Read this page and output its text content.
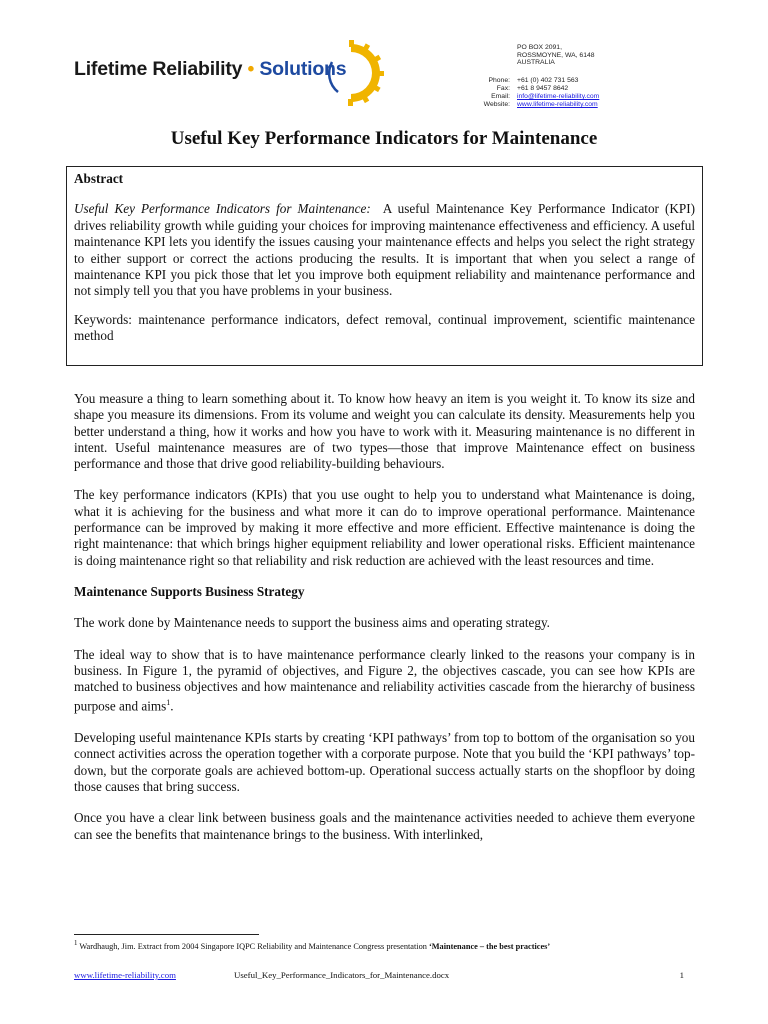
Lifetime Reliability • Solutions
PO BOX 2091,
ROSSMOYNE, WA, 6148
AUSTRALIA
Phone: +61 (0) 402 731 563
Fax: +61 8 9457 8642
Email: info@lifetime-reliability.com
Website: www.lifetime-reliability.com
Useful Key Performance Indicators for Maintenance
Abstract

Useful Key Performance Indicators for Maintenance: A useful Maintenance Key Performance Indicator (KPI) drives reliability growth while guiding your choices for improving maintenance effectiveness and efficiency. A useful maintenance KPI lets you identify the issues causing your maintenance effects and helps you select the right strategy to either support or correct the actions producing the results. It is important that when you select a range of maintenance KPI you pick those that let you improve both equipment reliability and maintenance performance and not simply tell you that you have problems in your business.

Keywords: maintenance performance indicators, defect removal, continual improvement, scientific maintenance method

You measure a thing to learn something about it. To know how heavy an item is you weight it. To know its size and shape you measure its dimensions. From its volume and weight you can calculate its density. Measurements help you better understand a thing, how it works and how you have to work with it. Measuring maintenance is no different in intent. Useful maintenance measures are of two types—those that improve Maintenance effect on business performance and those that drive good reliability-building behaviours.

The key performance indicators (KPIs) that you use ought to help you to understand what Maintenance is doing, what it is achieving for the business and what more it can do to improve operational performance. Maintenance performance can be improved by making it more effective and more efficient. Effective maintenance is doing the right maintenance: that which brings higher equipment reliability and lower operational risks. Efficient maintenance is doing maintenance right so that reliability and risk reduction are achieved with the least resources and time.

Maintenance Supports Business Strategy

The work done by Maintenance needs to support the business aims and operating strategy.

The ideal way to show that is to have maintenance performance clearly linked to the reasons your company is in business. In Figure 1, the pyramid of objectives, and Figure 2, the objectives cascade, you can see how KPIs are matched to business objectives and how maintenance and reliability activities cascade from the hierarchy of business purpose and aims$^1$.

Developing useful maintenance KPIs starts by creating ‘KPI pathways’ from top to bottom of the organisation so you connect activities across the operation together with a corporate purpose. Note that you build the ‘KPI pathways’ top-down, but the corporate goals are achieved bottom-up. Operational success actually starts on the shopfloor by doing those causes that bring success.

Once you have a clear link between business goals and the maintenance activities needed to achieve them everyone can see the benefits that maintenance brings to the business. With interlinked,

$^1$ Wardhaugh, Jim. Extract from 2004 Singapore IQPC Reliability and Maintenance Congress presentation ‘Maintenance – the best practices’
www.lifetime-reliability.com	Useful_Key_Performance_Indicators_for_Maintenance.docx	1
